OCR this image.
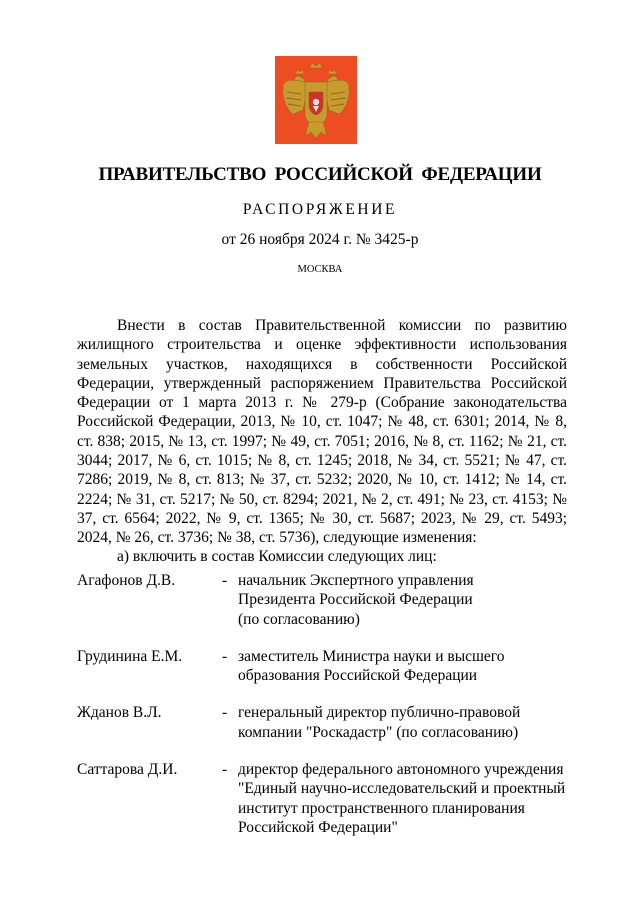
ПРАВИТЕЛЬСТВО РОССИЙСКОЙ ФЕДЕРАЦИИ
РАСПОРЯЖЕНИЕ
от 26 ноября 2024 г. № 3425-р
МОСКВА

Внести в состав Правительственной комиссии по развитию жилищного строительства и оценке эффективности использования земельных участков, находящихся в собственности Российской Федерации, утвержденный распоряжением Правительства Российской Федерации от 1 марта 2013 г. № 279-р (Собрание законодательства Российской Федерации, 2013, № 10, ст. 1047; № 48, ст. 6301; 2014, № 8, ст. 838; 2015, № 13, ст. 1997; № 49, ст. 7051; 2016, № 8, ст. 1162; № 21, ст. 3044; 2017, № 6, ст. 1015; № 8, ст. 1245; 2018, № 34, ст. 5521; № 47, ст. 7286; 2019, № 8, ст. 813; № 37, ст. 5232; 2020, № 10, ст. 1412; № 14, ст. 2224; № 31, ст. 5217; № 50, ст. 8294; 2021, № 2, ст. 491; № 23, ст. 4153; № 37, ст. 6564; 2022, № 9, ст. 1365; № 30, ст. 5687; 2023, № 29, ст. 5493; 2024, № 26, ст. 3736; № 38, ст. 5736), следующие изменения:

а) включить в состав Комиссии следующих лиц:
Агафонов Д.В.	- начальник Экспертного управления
Президента Российской Федерации
(по согласованию)
Грудинина Е.М.	- заместитель Министра науки и высшего
образования Российской Федерации
Жданов В.Л.	- генеральный директор публично-правовой
компании "Роскадастр" (по согласованию)
Саттарова Д.И.	- директор федерального автономного учреждения
"Единый научно-исследовательский и проектный
институт пространственного планирования
Российской Федерации"
